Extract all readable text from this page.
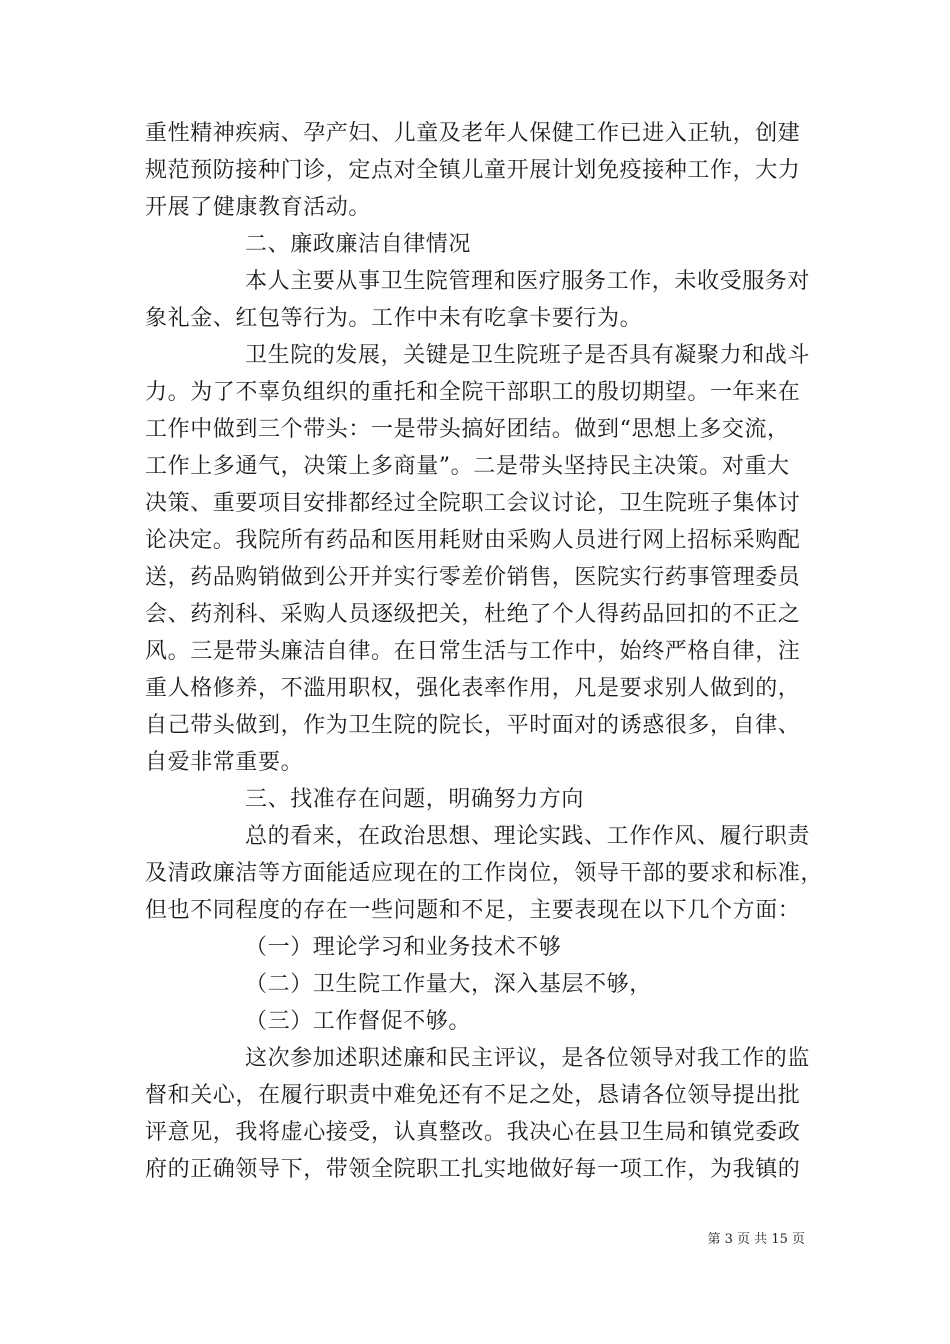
重性精神疾病、孕产妇、儿童及老年人保健工作已进入正轨，创建
规范预防接种门诊，定点对全镇儿童开展计划免疫接种工作，大力
开展了健康教育活动。
二、廉政廉洁自律情况
本人主要从事卫生院管理和医疗服务工作，未收受服务对
象礼金、红包等行为。工作中未有吃拿卡要行为。
卫生院的发展，关键是卫生院班子是否具有凝聚力和战斗
力。为了不辜负组织的重托和全院干部职工的殷切期望。一年来在
工作中做到三个带头：一是带头搞好团结。做到“思想上多交流，
工作上多通气，决策上多商量”。二是带头坚持民主决策。对重大
决策、重要项目安排都经过全院职工会议讨论，卫生院班子集体讨
论决定。我院所有药品和医用耗财由采购人员进行网上招标采购配
送，药品购销做到公开并实行零差价销售，医院实行药事管理委员
会、药剂科、采购人员逐级把关，杜绝了个人得药品回扣的不正之
风。三是带头廉洁自律。在日常生活与工作中，始终严格自律，注
重人格修养，不滥用职权，强化表率作用，凡是要求别人做到的，
自己带头做到，作为卫生院的院长，平时面对的诱惑很多，自律、
自爱非常重要。
三、找准存在问题，明确努力方向
总的看来，在政治思想、理论实践、工作作风、履行职责
及清政廉洁等方面能适应现在的工作岗位，领导干部的要求和标准，
但也不同程度的存在一些问题和不足，主要表现在以下几个方面：
（一）理论学习和业务技术不够
（二）卫生院工作量大，深入基层不够，
（三）工作督促不够。
这次参加述职述廉和民主评议，是各位领导对我工作的监
督和关心，在履行职责中难免还有不足之处，恳请各位领导提出批
评意见，我将虚心接受，认真整改。我决心在县卫生局和镇党委政
府的正确领导下，带领全院职工扎实地做好每一项工作，为我镇的
第 3 页 共 15 页
